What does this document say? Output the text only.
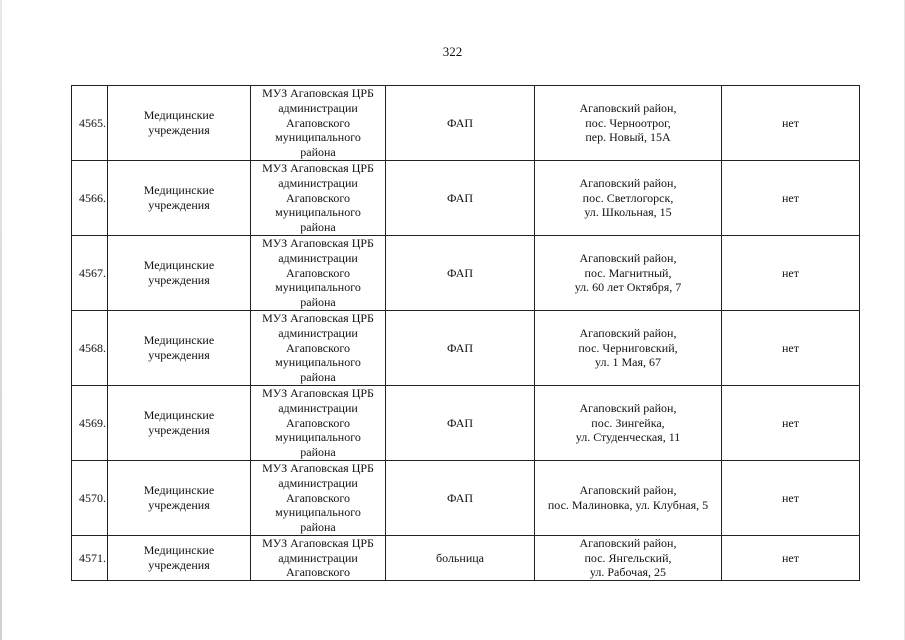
322
4565.	Медицинские
учреждения	МУЗ Агаповская ЦРБ
администрации
Агаповского
муниципального
района	ФАП	Агаповский район,
пос. Черноотрог,
пер. Новый, 15А	нет
4566.	Медицинские
учреждения	МУЗ Агаповская ЦРБ
администрации
Агаповского
муниципального
района	ФАП	Агаповский район,
пос. Светлогорск,
ул. Школьная, 15	нет
4567.	Медицинские
учреждения	МУЗ Агаповская ЦРБ
администрации
Агаповского
муниципального
района	ФАП	Агаповский район,
пос. Магнитный,
ул. 60 лет Октября, 7	нет
4568.	Медицинские
учреждения	МУЗ Агаповская ЦРБ
администрации
Агаповского
муниципального
района	ФАП	Агаповский район,
пос. Черниговский,
ул. 1 Мая, 67	нет
4569.	Медицинские
учреждения	МУЗ Агаповская ЦРБ
администрации
Агаповского
муниципального
района	ФАП	Агаповский район,
пос. Зингейка,
ул. Студенческая, 11	нет
4570.	Медицинские
учреждения	МУЗ Агаповская ЦРБ
администрации
Агаповского
муниципального
района	ФАП	Агаповский район,
пос. Малиновка, ул. Клубная, 5	нет
4571.	Медицинские
учреждения	МУЗ Агаповская ЦРБ
администрации
Агаповского	больница	Агаповский район,
пос. Янгельский,
ул. Рабочая, 25	нет
